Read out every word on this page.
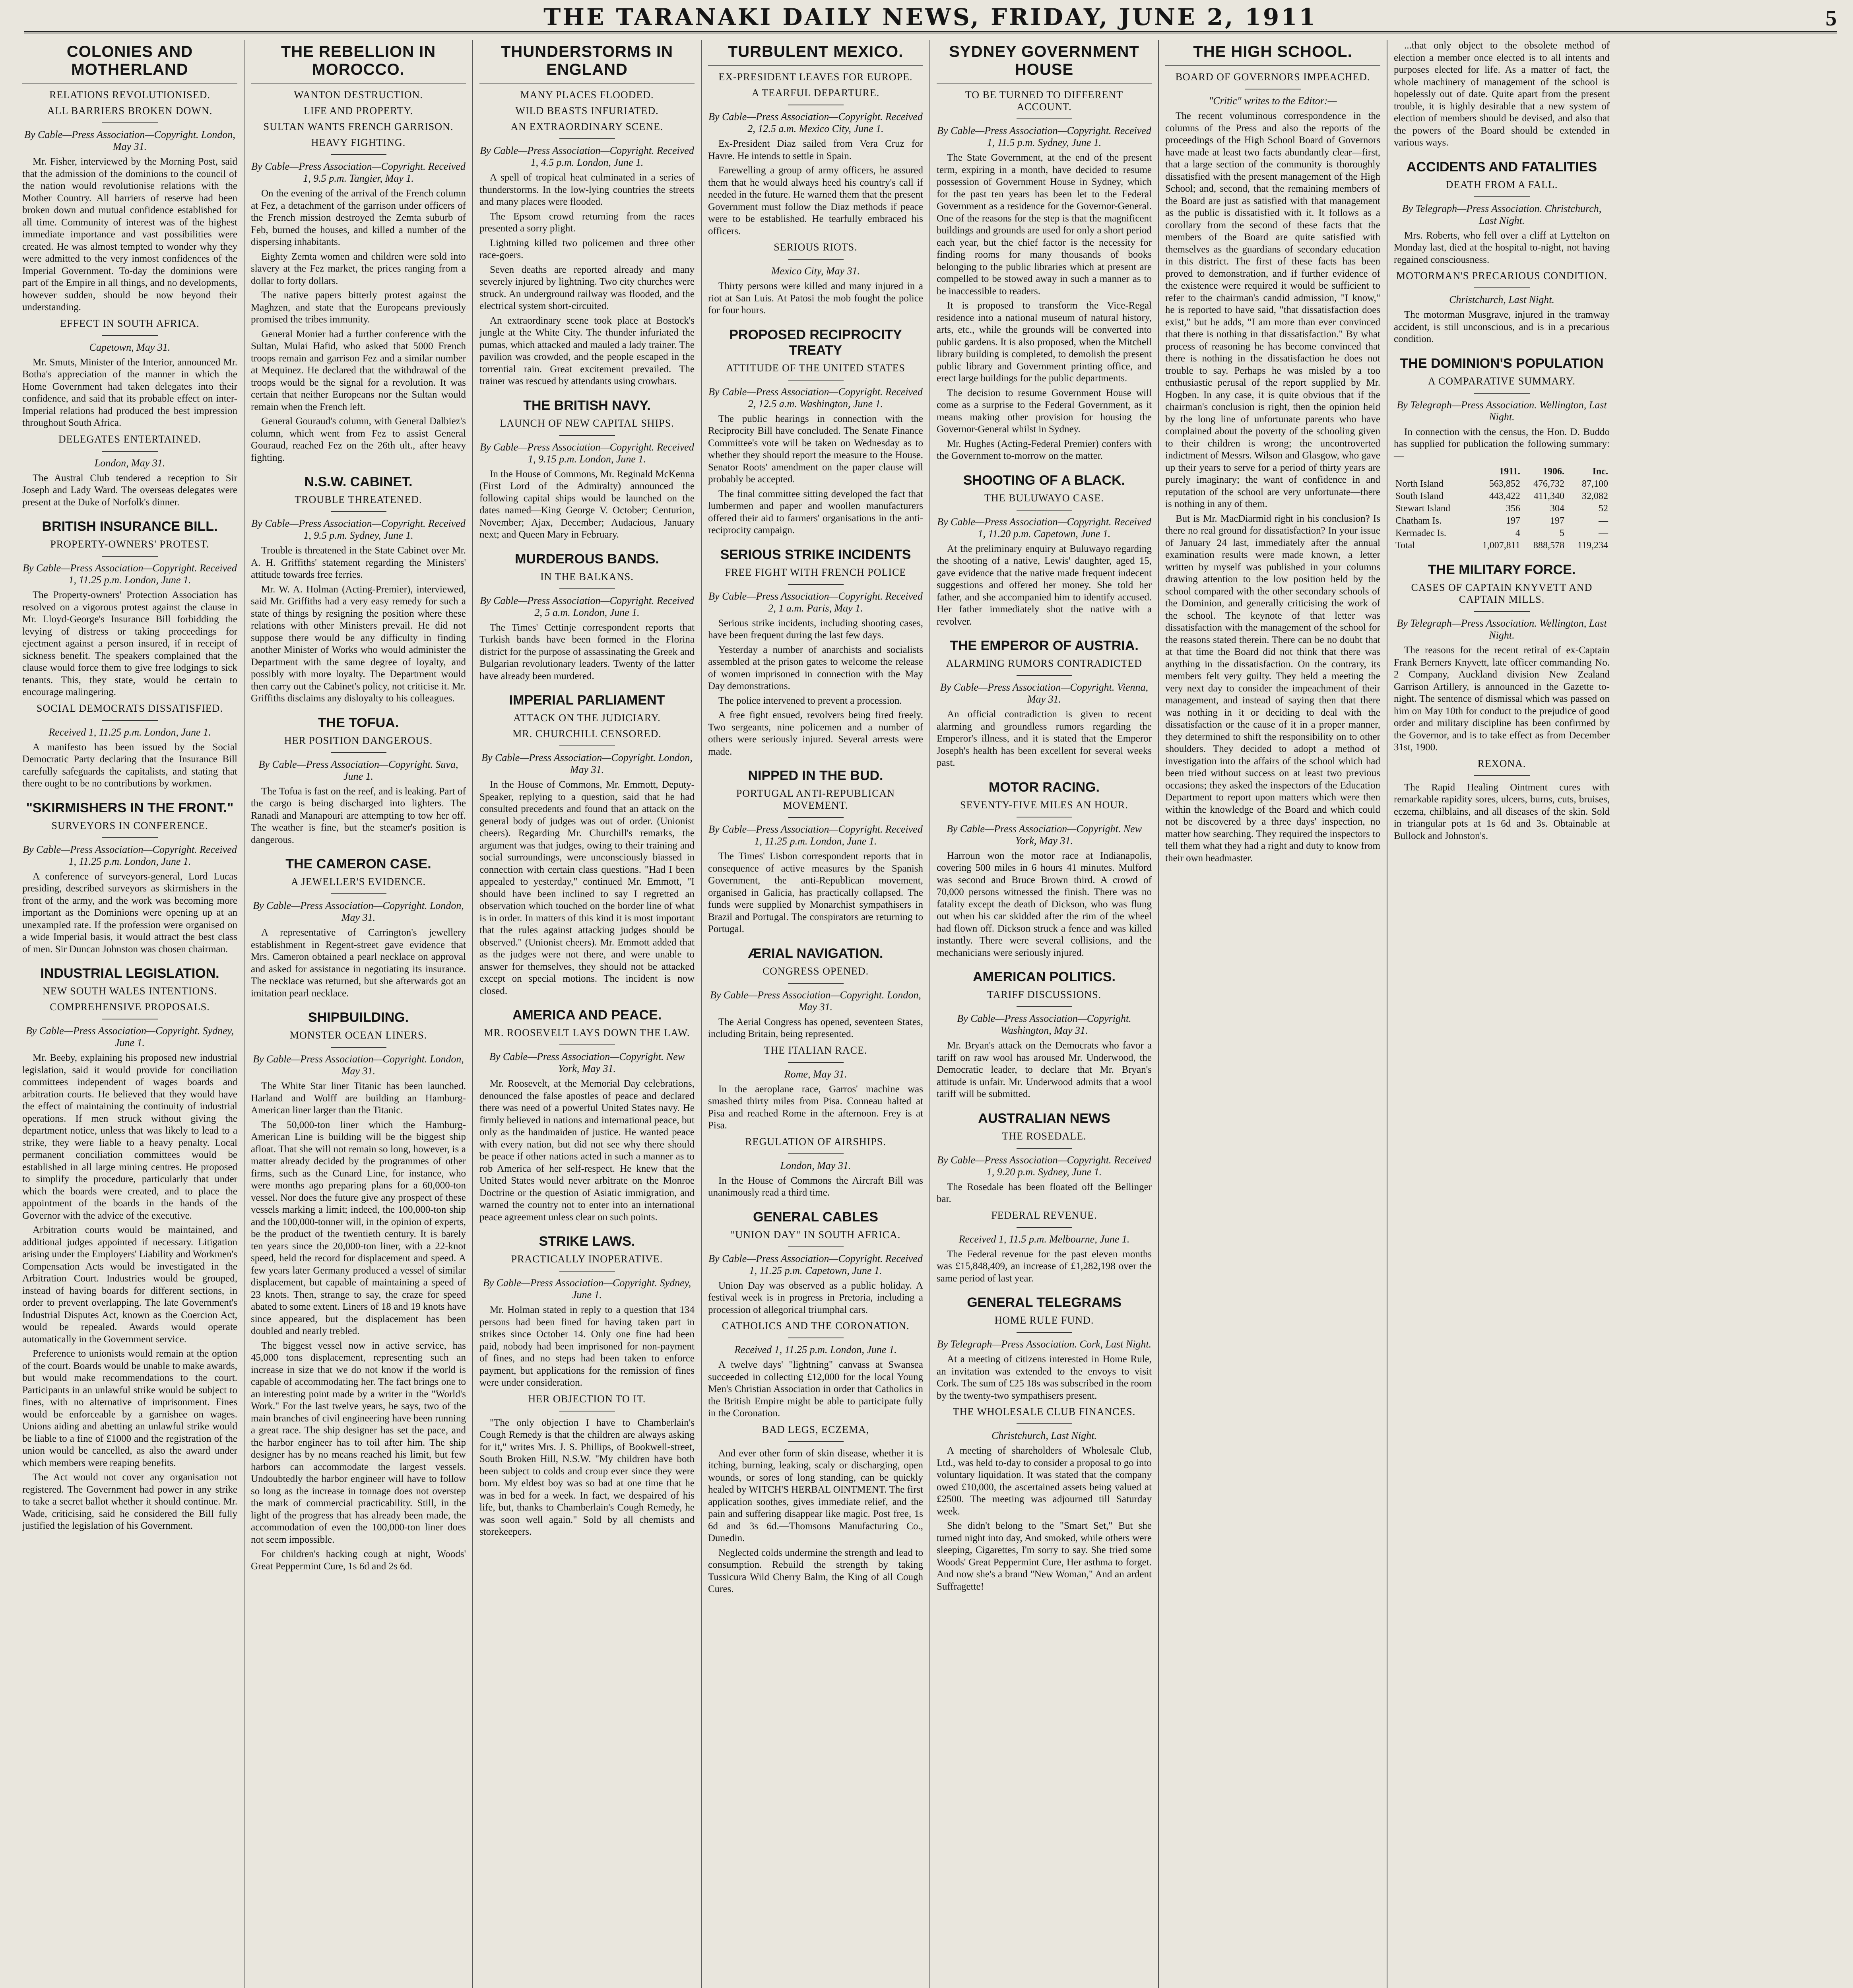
THE TARANAKI DAILY NEWS, FRIDAY, JUNE 2, 1911	5
COLONIES AND MOTHERLAND
RELATIONS REVOLUTIONISED.
ALL BARRIERS BROKEN DOWN.
By Cable—Press Association—Copyright. London, May 31.

Mr. Fisher, interviewed by the Morning Post, said that the admission of the dominions to the council of the nation would revolutionise relations with the Mother Country. All barriers of reserve had been broken down and mutual confidence established for all time. Community of interest was of the highest immediate importance and vast possibilities were created. He was almost tempted to wonder why they were admitted to the very inmost confidences of the Imperial Government. To-day the dominions were part of the Empire in all things, and no developments, however sudden, should be now beyond their understanding.

EFFECT IN SOUTH AFRICA.
Capetown, May 31.

Mr. Smuts, Minister of the Interior, announced Mr. Botha's appreciation of the manner in which the Home Government had taken delegates into their confidence, and said that its probable effect on inter-Imperial relations had produced the best impression throughout South Africa.

DELEGATES ENTERTAINED.
London, May 31.

The Austral Club tendered a reception to Sir Joseph and Lady Ward. The overseas delegates were present at the Duke of Norfolk's dinner.

BRITISH INSURANCE BILL.
PROPERTY-OWNERS' PROTEST.
By Cable—Press Association—Copyright. Received 1, 11.25 p.m. London, June 1.

The Property-owners' Protection Association has resolved on a vigorous protest against the clause in Mr. Lloyd-George's Insurance Bill forbidding the levying of distress or taking proceedings for ejectment against a person insured, if in receipt of sickness benefit. The speakers complained that the clause would force them to give free lodgings to sick tenants. This, they state, would be certain to encourage malingering.

SOCIAL DEMOCRATS DISSATISFIED.
Received 1, 11.25 p.m. London, June 1.

A manifesto has been issued by the Social Democratic Party declaring that the Insurance Bill carefully safeguards the capitalists, and stating that there ought to be no contributions by workmen.

"SKIRMISHERS IN THE FRONT."
SURVEYORS IN CONFERENCE.
By Cable—Press Association—Copyright. Received 1, 11.25 p.m. London, June 1.

A conference of surveyors-general, Lord Lucas presiding, described surveyors as skirmishers in the front of the army, and the work was becoming more important as the Dominions were opening up at an unexampled rate. If the profession were organised on a wide Imperial basis, it would attract the best class of men. Sir Duncan Johnston was chosen chairman.

INDUSTRIAL LEGISLATION.
NEW SOUTH WALES INTENTIONS.
COMPREHENSIVE PROPOSALS.
By Cable—Press Association—Copyright. Sydney, June 1.

Mr. Beeby, explaining his proposed new industrial legislation, said it would provide for conciliation committees independent of wages boards and arbitration courts. He believed that they would have the effect of maintaining the continuity of industrial operations. If men struck without giving the department notice, unless that was likely to lead to a strike, they were liable to a heavy penalty. Local permanent conciliation committees would be established in all large mining centres. He proposed to simplify the procedure, particularly that under which the boards were created, and to place the appointment of the boards in the hands of the Governor with the advice of the executive.

Arbitration courts would be maintained, and additional judges appointed if necessary. Litigation arising under the Employers' Liability and Workmen's Compensation Acts would be investigated in the Arbitration Court. Industries would be grouped, instead of having boards for different sections, in order to prevent overlapping. The late Government's Industrial Disputes Act, known as the Coercion Act, would be repealed. Awards would operate automatically in the Government service.

Preference to unionists would remain at the option of the court. Boards would be unable to make awards, but would make recommendations to the court. Participants in an unlawful strike would be subject to fines, with no alternative of imprisonment. Fines would be enforceable by a garnishee on wages. Unions aiding and abetting an unlawful strike would be liable to a fine of £1000 and the registration of the union would be cancelled, as also the award under which members were reaping benefits.

The Act would not cover any organisation not registered. The Government had power in any strike to take a secret ballot whether it should continue. Mr. Wade, criticising, said he considered the Bill fully justified the legislation of his Government.

THE REBELLION IN MOROCCO.
WANTON DESTRUCTION.
LIFE AND PROPERTY.
SULTAN WANTS FRENCH GARRISON.
HEAVY FIGHTING.
By Cable—Press Association—Copyright. Received 1, 9.5 p.m. Tangier, May 1.

On the evening of the arrival of the French column at Fez, a detachment of the garrison under officers of the French mission destroyed the Zemta suburb of Feb, burned the houses, and killed a number of the dispersing inhabitants.

Eighty Zemta women and children were sold into slavery at the Fez market, the prices ranging from a dollar to forty dollars.

The native papers bitterly protest against the Maghzen, and state that the Europeans previously promised the tribes immunity.

General Monier had a further conference with the Sultan, Mulai Hafid, who asked that 5000 French troops remain and garrison Fez and a similar number at Mequinez. He declared that the withdrawal of the troops would be the signal for a revolution. It was certain that neither Europeans nor the Sultan would remain when the French left.

General Gouraud's column, with General Dalbiez's column, which went from Fez to assist General Gouraud, reached Fez on the 26th ult., after heavy fighting.

N.S.W. CABINET.
TROUBLE THREATENED.
By Cable—Press Association—Copyright. Received 1, 9.5 p.m. Sydney, June 1.

Trouble is threatened in the State Cabinet over Mr. A. H. Griffiths' statement regarding the Ministers' attitude towards free ferries.

Mr. W. A. Holman (Acting-Premier), interviewed, said Mr. Griffiths had a very easy remedy for such a state of things by resigning the position where these relations with other Ministers prevail. He did not suppose there would be any difficulty in finding another Minister of Works who would administer the Department with the same degree of loyalty, and possibly with more loyalty. The Department would then carry out the Cabinet's policy, not criticise it. Mr. Griffiths disclaims any disloyalty to his colleagues.

THE TOFUA.
HER POSITION DANGEROUS.
By Cable—Press Association—Copyright. Suva, June 1.

The Tofua is fast on the reef, and is leaking. Part of the cargo is being discharged into lighters. The Ranadi and Manapouri are attempting to tow her off. The weather is fine, but the steamer's position is dangerous.

THE CAMERON CASE.
A JEWELLER'S EVIDENCE.
By Cable—Press Association—Copyright. London, May 31.

A representative of Carrington's jewellery establishment in Regent-street gave evidence that Mrs. Cameron obtained a pearl necklace on approval and asked for assistance in negotiating its insurance. The necklace was returned, but she afterwards got an imitation pearl necklace.

SHIPBUILDING.
MONSTER OCEAN LINERS.
By Cable—Press Association—Copyright. London, May 31.

The White Star liner Titanic has been launched. Harland and Wolff are building an Hamburg-American liner larger than the Titanic.

The 50,000-ton liner which the Hamburg-American Line is building will be the biggest ship afloat. That she will not remain so long, however, is a matter already decided by the programmes of other firms, such as the Cunard Line, for instance, who were months ago preparing plans for a 60,000-ton vessel. Nor does the future give any prospect of these vessels marking a limit; indeed, the 100,000-ton ship and the 100,000-tonner will, in the opinion of experts, be the product of the twentieth century. It is barely ten years since the 20,000-ton liner, with a 22-knot speed, held the record for displacement and speed. A few years later Germany produced a vessel of similar displacement, but capable of maintaining a speed of 23 knots. Then, strange to say, the craze for speed abated to some extent. Liners of 18 and 19 knots have since appeared, but the displacement has been doubled and nearly trebled.

The biggest vessel now in active service, has 45,000 tons displacement, representing such an increase in size that we do not know if the world is capable of accommodating her. The fact brings one to an interesting point made by a writer in the "World's Work." For the last twelve years, he says, two of the main branches of civil engineering have been running a great race. The ship designer has set the pace, and the harbor engineer has to toil after him. The ship designer has by no means reached his limit, but few harbors can accommodate the largest vessels. Undoubtedly the harbor engineer will have to follow so long as the increase in tonnage does not overstep the mark of commercial practicability. Still, in the light of the progress that has already been made, the accommodation of even the 100,000-ton liner does not seem impossible.

For children's hacking cough at night, Woods' Great Peppermint Cure, 1s 6d and 2s 6d.

THUNDERSTORMS IN ENGLAND
MANY PLACES FLOODED.
WILD BEASTS INFURIATED.
AN EXTRAORDINARY SCENE.
By Cable—Press Association—Copyright. Received 1, 4.5 p.m. London, June 1.

A spell of tropical heat culminated in a series of thunderstorms. In the low-lying countries the streets and many places were flooded.

The Epsom crowd returning from the races presented a sorry plight.

Lightning killed two policemen and three other race-goers.

Seven deaths are reported already and many severely injured by lightning. Two city churches were struck. An underground railway was flooded, and the electrical system short-circuited.

An extraordinary scene took place at Bostock's jungle at the White City. The thunder infuriated the pumas, which attacked and mauled a lady trainer. The pavilion was crowded, and the people escaped in the torrential rain. Great excitement prevailed. The trainer was rescued by attendants using crowbars.

THE BRITISH NAVY.
LAUNCH OF NEW CAPITAL SHIPS.
By Cable—Press Association—Copyright. Received 1, 9.15 p.m. London, June 1.

In the House of Commons, Mr. Reginald McKenna (First Lord of the Admiralty) announced the following capital ships would be launched on the dates named—King George V. October; Centurion, November; Ajax, December; Audacious, January next; and Queen Mary in February.

MURDEROUS BANDS.
IN THE BALKANS.
By Cable—Press Association—Copyright. Received 2, 5 a.m. London, June 1.

The Times' Cettinje correspondent reports that Turkish bands have been formed in the Florina district for the purpose of assassinating the Greek and Bulgarian revolutionary leaders. Twenty of the latter have already been murdered.

IMPERIAL PARLIAMENT
ATTACK ON THE JUDICIARY.
MR. CHURCHILL CENSORED.
By Cable—Press Association—Copyright. London, May 31.

In the House of Commons, Mr. Emmott, Deputy-Speaker, replying to a question, said that he had consulted precedents and found that an attack on the general body of judges was out of order. (Unionist cheers). Regarding Mr. Churchill's remarks, the argument was that judges, owing to their training and social surroundings, were unconsciously biassed in connection with certain class questions. "Had I been appealed to yesterday," continued Mr. Emmott, "I should have been inclined to say I regretted an observation which touched on the border line of what is in order. In matters of this kind it is most important that the rules against attacking judges should be observed." (Unionist cheers). Mr. Emmott added that as the judges were not there, and were unable to answer for themselves, they should not be attacked except on special motions. The incident is now closed.

AMERICA AND PEACE.
MR. ROOSEVELT LAYS DOWN THE LAW.
By Cable—Press Association—Copyright. New York, May 31.

Mr. Roosevelt, at the Memorial Day celebrations, denounced the false apostles of peace and declared there was need of a powerful United States navy. He firmly believed in nations and international peace, but only as the handmaiden of justice. He wanted peace with every nation, but did not see why there should be peace if other nations acted in such a manner as to rob America of her self-respect. He knew that the United States would never arbitrate on the Monroe Doctrine or the question of Asiatic immigration, and warned the country not to enter into an international peace agreement unless clear on such points.

STRIKE LAWS.
PRACTICALLY INOPERATIVE.
By Cable—Press Association—Copyright. Sydney, June 1.

Mr. Holman stated in reply to a question that 134 persons had been fined for having taken part in strikes since October 14. Only one fine had been paid, nobody had been imprisoned for non-payment of fines, and no steps had been taken to enforce payment, but applications for the remission of fines were under consideration.

HER OBJECTION TO IT.

"The only objection I have to Chamberlain's Cough Remedy is that the children are always asking for it," writes Mrs. J. S. Phillips, of Bookwell-street, South Broken Hill, N.S.W. "My children have both been subject to colds and croup ever since they were born. My eldest boy was so bad at one time that he was in bed for a week. In fact, we despaired of his life, but, thanks to Chamberlain's Cough Remedy, he was soon well again." Sold by all chemists and storekeepers.

TURBULENT MEXICO.
EX-PRESIDENT LEAVES FOR EUROPE.
A TEARFUL DEPARTURE.
By Cable—Press Association—Copyright. Received 2, 12.5 a.m. Mexico City, June 1.

Ex-President Diaz sailed from Vera Cruz for Havre. He intends to settle in Spain.

Farewelling a group of army officers, he assured them that he would always heed his country's call if needed in the future. He warned them that the present Government must follow the Diaz methods if peace were to be established. He tearfully embraced his officers.

SERIOUS RIOTS.
Mexico City, May 31.

Thirty persons were killed and many injured in a riot at San Luis. At Patosi the mob fought the police for four hours.

PROPOSED RECIPROCITY TREATY
ATTITUDE OF THE UNITED STATES
By Cable—Press Association—Copyright. Received 2, 12.5 a.m. Washington, June 1.

The public hearings in connection with the Reciprocity Bill have concluded. The Senate Finance Committee's vote will be taken on Wednesday as to whether they should report the measure to the House. Senator Roots' amendment on the paper clause will probably be accepted.

The final committee sitting developed the fact that lumbermen and paper and woollen manufacturers offered their aid to farmers' organisations in the anti-reciprocity campaign.

SERIOUS STRIKE INCIDENTS
FREE FIGHT WITH FRENCH POLICE
By Cable—Press Association—Copyright. Received 2, 1 a.m. Paris, May 1.

Serious strike incidents, including shooting cases, have been frequent during the last few days.

Yesterday a number of anarchists and socialists assembled at the prison gates to welcome the release of women imprisoned in connection with the May Day demonstrations.

The police intervened to prevent a procession.

A free fight ensued, revolvers being fired freely. Two sergeants, nine policemen and a number of others were seriously injured. Several arrests were made.

NIPPED IN THE BUD.
PORTUGAL ANTI-REPUBLICAN MOVEMENT.
By Cable—Press Association—Copyright. Received 1, 11.25 p.m. London, June 1.

The Times' Lisbon correspondent reports that in consequence of active measures by the Spanish Government, the anti-Republican movement, organised in Galicia, has practically collapsed. The funds were supplied by Monarchist sympathisers in Brazil and Portugal. The conspirators are returning to Portugal.

ÆRIAL NAVIGATION.
CONGRESS OPENED.
By Cable—Press Association—Copyright. London, May 31.

The Aerial Congress has opened, seventeen States, including Britain, being represented.

THE ITALIAN RACE.
Rome, May 31.

In the aeroplane race, Garros' machine was smashed thirty miles from Pisa. Conneau halted at Pisa and reached Rome in the afternoon. Frey is at Pisa.

REGULATION OF AIRSHIPS.
London, May 31.

In the House of Commons the Aircraft Bill was unanimously read a third time.

GENERAL CABLES
"UNION DAY" IN SOUTH AFRICA.
By Cable—Press Association—Copyright. Received 1, 11.25 p.m. Capetown, June 1.

Union Day was observed as a public holiday. A festival week is in progress in Pretoria, including a procession of allegorical triumphal cars.

CATHOLICS AND THE CORONATION.
Received 1, 11.25 p.m. London, June 1.

A twelve days' "lightning" canvass at Swansea succeeded in collecting £12,000 for the local Young Men's Christian Association in order that Catholics in the British Empire might be able to participate fully in the Coronation.

BAD LEGS, ECZEMA,

And ever other form of skin disease, whether it is itching, burning, leaking, scaly or discharging, open wounds, or sores of long standing, can be quickly healed by WITCH'S HERBAL OINTMENT. The first application soothes, gives immediate relief, and the pain and suffering disappear like magic. Post free, 1s 6d and 3s 6d.—Thomsons Manufacturing Co., Dunedin.

Neglected colds undermine the strength and lead to consumption. Rebuild the strength by taking Tussicura Wild Cherry Balm, the King of all Cough Cures.

SYDNEY GOVERNMENT HOUSE
TO BE TURNED TO DIFFERENT ACCOUNT.
By Cable—Press Association—Copyright. Received 1, 11.5 p.m. Sydney, June 1.

The State Government, at the end of the present term, expiring in a month, have decided to resume possession of Government House in Sydney, which for the past ten years has been let to the Federal Government as a residence for the Governor-General. One of the reasons for the step is that the magnificent buildings and grounds are used for only a short period each year, but the chief factor is the necessity for finding rooms for many thousands of books belonging to the public libraries which at present are compelled to be stowed away in such a manner as to be inaccessible to readers.

It is proposed to transform the Vice-Regal residence into a national museum of natural history, arts, etc., while the grounds will be converted into public gardens. It is also proposed, when the Mitchell library building is completed, to demolish the present public library and Government printing office, and erect large buildings for the public departments.

The decision to resume Government House will come as a surprise to the Federal Government, as it means making other provision for housing the Governor-General whilst in Sydney.

Mr. Hughes (Acting-Federal Premier) confers with the Government to-morrow on the matter.

SHOOTING OF A BLACK.
THE BULUWAYO CASE.
By Cable—Press Association—Copyright. Received 1, 11.20 p.m. Capetown, June 1.

At the preliminary enquiry at Buluwayo regarding the shooting of a native, Lewis' daughter, aged 15, gave evidence that the native made frequent indecent suggestions and offered her money. She told her father, and she accompanied him to identify accused. Her father immediately shot the native with a revolver.

THE EMPEROR OF AUSTRIA.
ALARMING RUMORS CONTRADICTED
By Cable—Press Association—Copyright. Vienna, May 31.

An official contradiction is given to recent alarming and groundless rumors regarding the Emperor's illness, and it is stated that the Emperor Joseph's health has been excellent for several weeks past.

MOTOR RACING.
SEVENTY-FIVE MILES AN HOUR.
By Cable—Press Association—Copyright. New York, May 31.

Harroun won the motor race at Indianapolis, covering 500 miles in 6 hours 41 minutes. Mulford was second and Bruce Brown third. A crowd of 70,000 persons witnessed the finish. There was no fatality except the death of Dickson, who was flung out when his car skidded after the rim of the wheel had flown off. Dickson struck a fence and was killed instantly. There were several collisions, and the mechanicians were seriously injured.

AMERICAN POLITICS.
TARIFF DISCUSSIONS.
By Cable—Press Association—Copyright. Washington, May 31.

Mr. Bryan's attack on the Democrats who favor a tariff on raw wool has aroused Mr. Underwood, the Democratic leader, to declare that Mr. Bryan's attitude is unfair. Mr. Underwood admits that a wool tariff will be submitted.

AUSTRALIAN NEWS
THE ROSEDALE.
By Cable—Press Association—Copyright. Received 1, 9.20 p.m. Sydney, June 1.

The Rosedale has been floated off the Bellinger bar.

FEDERAL REVENUE.
Received 1, 11.5 p.m. Melbourne, June 1.

The Federal revenue for the past eleven months was £15,848,409, an increase of £1,282,198 over the same period of last year.

GENERAL TELEGRAMS
HOME RULE FUND.
By Telegraph—Press Association. Cork, Last Night.

At a meeting of citizens interested in Home Rule, an invitation was extended to the envoys to visit Cork. The sum of £25 18s was subscribed in the room by the twenty-two sympathisers present.

THE WHOLESALE CLUB FINANCES.
Christchurch, Last Night.

A meeting of shareholders of Wholesale Club, Ltd., was held to-day to consider a proposal to go into voluntary liquidation. It was stated that the company owed £10,000, the ascertained assets being valued at £2500. The meeting was adjourned till Saturday week.

She didn't belong to the "Smart Set," But she turned night into day, And smoked, while others were sleeping, Cigarettes, I'm sorry to say. She tried some Woods' Great Peppermint Cure, Her asthma to forget. And now she's a brand "New Woman," And an ardent Suffragette!

THE HIGH SCHOOL.
BOARD OF GOVERNORS IMPEACHED.
"Critic" writes to the Editor:—

The recent voluminous correspondence in the columns of the Press and also the reports of the proceedings of the High School Board of Governors have made at least two facts abundantly clear—first, that a large section of the community is thoroughly dissatisfied with the present management of the High School; and, second, that the remaining members of the Board are just as satisfied with that management as the public is dissatisfied with it. It follows as a corollary from the second of these facts that the members of the Board are quite satisfied with themselves as the guardians of secondary education in this district. The first of these facts has been proved to demonstration, and if further evidence of the existence were required it would be sufficient to refer to the chairman's candid admission, "I know," he is reported to have said, "that dissatisfaction does exist," but he adds, "I am more than ever convinced that there is nothing in that dissatisfaction." By what process of reasoning he has become convinced that there is nothing in the dissatisfaction he does not trouble to say. Perhaps he was misled by a too enthusiastic perusal of the report supplied by Mr. Hogben. In any case, it is quite obvious that if the chairman's conclusion is right, then the opinion held by the long line of unfortunate parents who have complained about the poverty of the schooling given to their children is wrong; the uncontroverted indictment of Messrs. Wilson and Glasgow, who gave up their years to serve for a period of thirty years are purely imaginary; the want of confidence in and reputation of the school are very unfortunate—there is nothing in any of them.

But is Mr. MacDiarmid right in his conclusion? Is there no real ground for dissatisfaction? In your issue of January 24 last, immediately after the annual examination results were made known, a letter written by myself was published in your columns drawing attention to the low position held by the school compared with the other secondary schools of the Dominion, and generally criticising the work of the school. The keynote of that letter was dissatisfaction with the management of the school for the reasons stated therein. There can be no doubt that at that time the Board did not think that there was anything in the dissatisfaction. On the contrary, its members felt very guilty. They held a meeting the very next day to consider the impeachment of their management, and instead of saying then that there was nothing in it or deciding to deal with the dissatisfaction or the cause of it in a proper manner, they determined to shift the responsibility on to other shoulders. They decided to adopt a method of investigation into the affairs of the school which had been tried without success on at least two previous occasions; they asked the inspectors of the Education Department to report upon matters which were then within the knowledge of the Board and which could not be discovered by a three days' inspection, no matter how searching. They required the inspectors to tell them what they had a right and duty to know from their own headmaster.

...that only object to the obsolete method of election a member once elected is to all intents and purposes elected for life. As a matter of fact, the whole machinery of management of the school is hopelessly out of date. Quite apart from the present trouble, it is highly desirable that a new system of election of members should be devised, and also that the powers of the Board should be extended in various ways.

ACCIDENTS AND FATALITIES
DEATH FROM A FALL.
By Telegraph—Press Association. Christchurch, Last Night.

Mrs. Roberts, who fell over a cliff at Lyttelton on Monday last, died at the hospital to-night, not having regained consciousness.

MOTORMAN'S PRECARIOUS CONDITION.
Christchurch, Last Night.

The motorman Musgrave, injured in the tramway accident, is still unconscious, and is in a precarious condition.

THE DOMINION'S POPULATION
A COMPARATIVE SUMMARY.
By Telegraph—Press Association. Wellington, Last Night.

In connection with the census, the Hon. D. Buddo has supplied for publication the following summary:—

	1911.	1906.	Inc.
North Island	563,852	476,732	87,100
South Island	443,422	411,340	32,082
Stewart Island	356	304	52
Chatham Is.	197	197	—
Kermadec Is.	4	5	—
Total	1,007,811	888,578	119,234
THE MILITARY FORCE.
CASES OF CAPTAIN KNYVETT AND CAPTAIN MILLS.
By Telegraph—Press Association. Wellington, Last Night.

The reasons for the recent retiral of ex-Captain Frank Berners Knyvett, late officer commanding No. 2 Company, Auckland division New Zealand Garrison Artillery, is announced in the Gazette to-night. The sentence of dismissal which was passed on him on May 10th for conduct to the prejudice of good order and military discipline has been confirmed by the Governor, and is to take effect as from December 31st, 1900.

REXONA.

The Rapid Healing Ointment cures with remarkable rapidity sores, ulcers, burns, cuts, bruises, eczema, chilblains, and all diseases of the skin. Sold in triangular pots at 1s 6d and 3s. Obtainable at Bullock and Johnston's.
